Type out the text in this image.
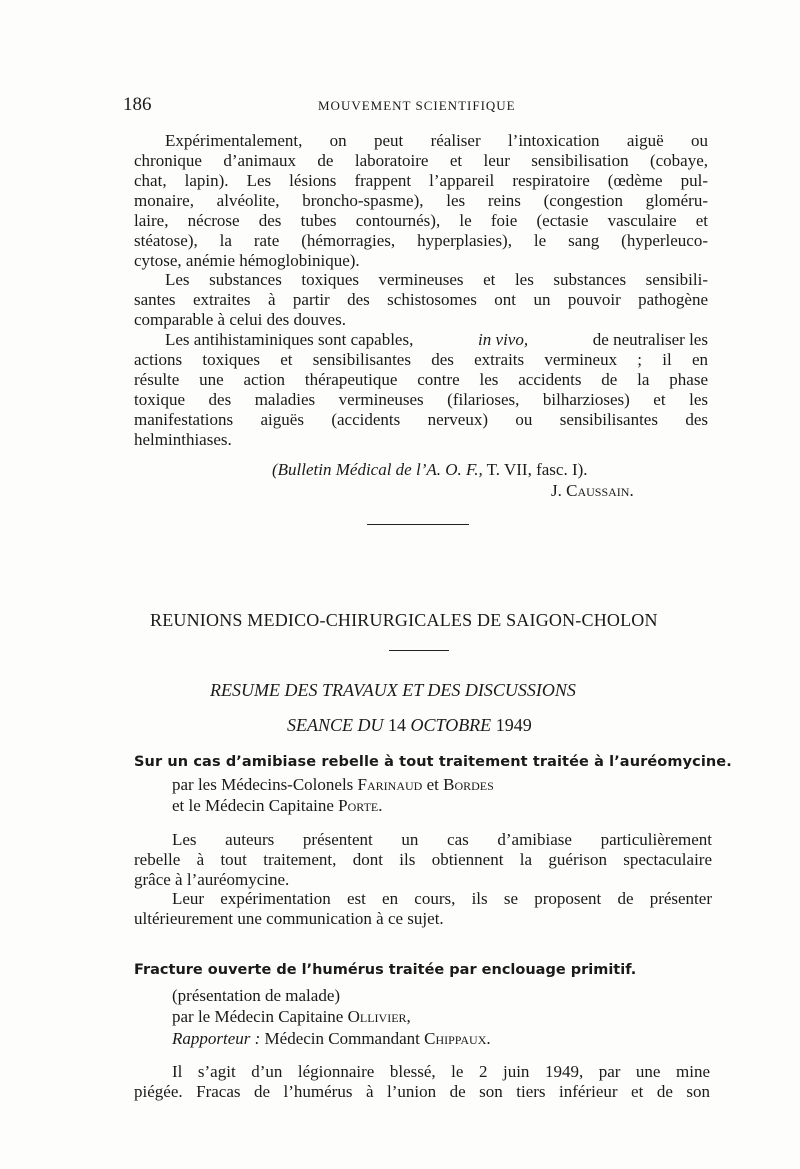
186	MOUVEMENT SCIENTIFIQUE
Expérimentalement, on peut réaliser l’intoxication aiguë ou
chronique d’animaux de laboratoire et leur sensibilisation (cobaye,
chat, lapin). Les lésions frappent l’appareil respiratoire (œdème pul-
monaire, alvéolite, broncho-spasme), les reins (congestion gloméru-
laire, nécrose des tubes contournés), le foie (ectasie vasculaire et
stéatose), la rate (hémorragies, hyperplasies), le sang (hyperleuco-
cytose, anémie hémoglobinique).
Les substances toxiques vermineuses et les substances sensibili-
santes extraites à partir des schistosomes ont un pouvoir pathogène
comparable à celui des douves.
Les antihistaminiques sont capables,	in vivo,	de neutraliser les
actions toxiques et sensibilisantes des extraits vermineux ; il en
résulte une action thérapeutique contre les accidents de la phase
toxique des maladies vermineuses (filarioses, bilharzioses) et les
manifestations aiguës (accidents nerveux) ou sensibilisantes des
helminthiases.
(Bulletin Médical de l’A. O. F., T. VII, fasc. I).
J. Caussain.
REUNIONS MEDICO-CHIRURGICALES DE SAIGON-CHOLON
RESUME DES TRAVAUX ET DES DISCUSSIONS
SEANCE DU 14 OCTOBRE 1949
Sur un cas d’amibiase rebelle à tout traitement traitée à l’auréomycine.
par les Médecins-Colonels Farinaud et Bordes
et le Médecin Capitaine Porte.
Les auteurs présentent un cas d’amibiase particulièrement
rebelle à tout traitement, dont ils obtiennent la guérison spectaculaire
grâce à l’auréomycine.
Leur expérimentation est en cours, ils se proposent de présenter
ultérieurement une communication à ce sujet.
Fracture ouverte de l’humérus traitée par enclouage primitif.
(présentation de malade)
par le Médecin Capitaine Ollivier,
Rapporteur : Médecin Commandant Chippaux.
Il s’agit d’un légionnaire blessé, le 2 juin 1949, par une mine
piégée. Fracas de l’humérus à l’union de son tiers inférieur et de son
